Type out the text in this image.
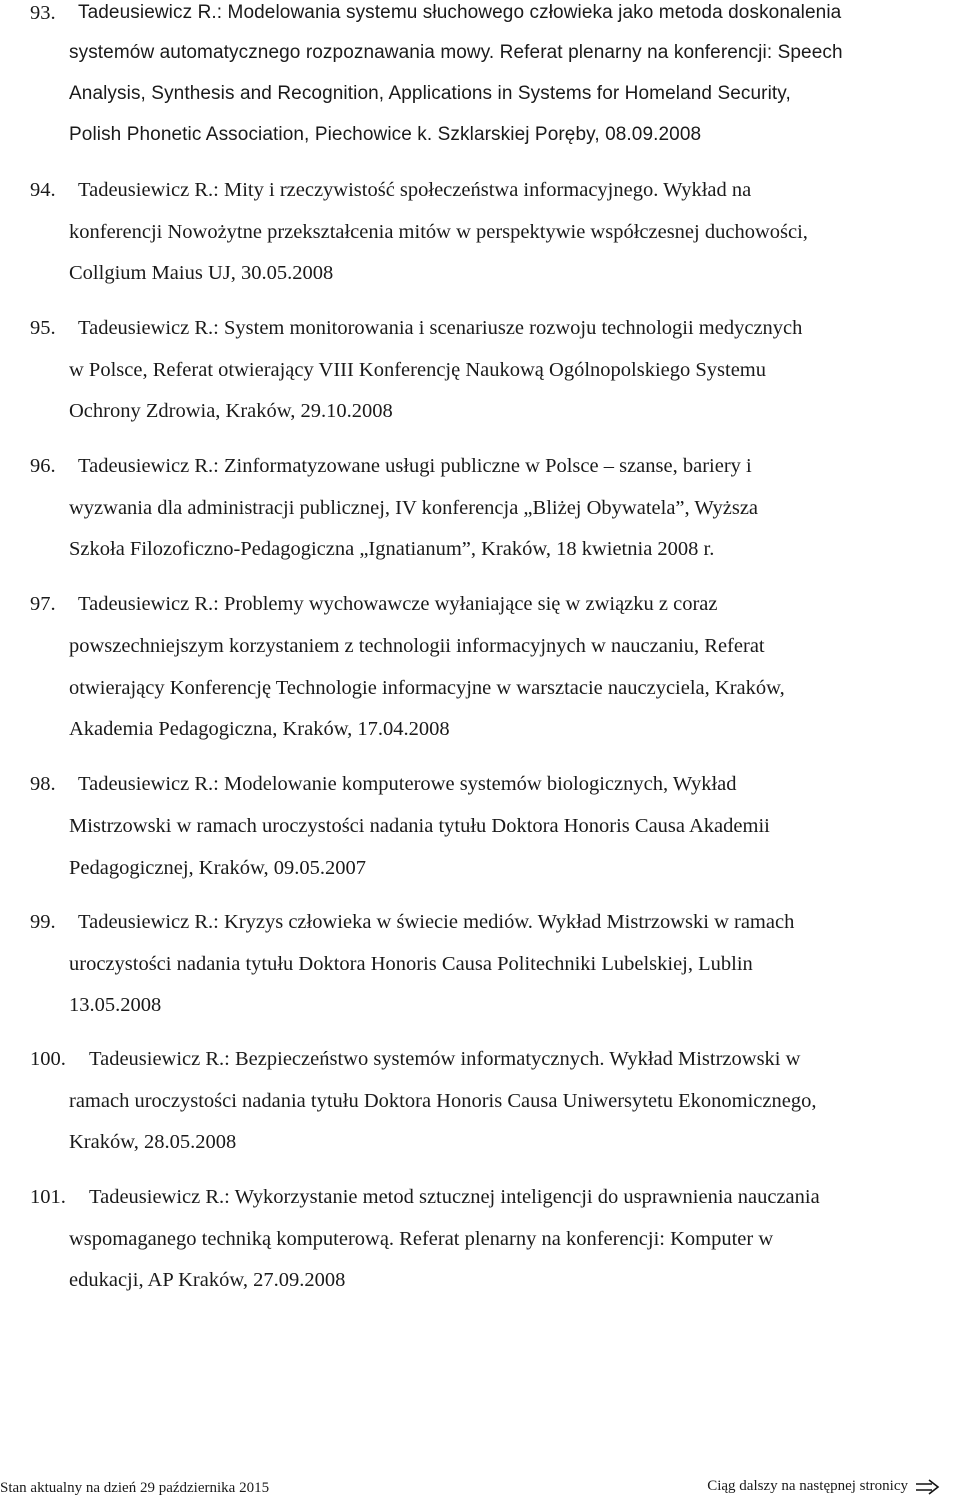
93. Tadeusiewicz R.: Modelowania systemu słuchowego człowieka jako metoda doskonalenia
systemów automatycznego rozpoznawania mowy. Referat plenarny na konferencji: Speech
Analysis, Synthesis and Recognition, Applications in Systems for Homeland Security,
Polish Phonetic Association, Piechowice k. Szklarskiej Poręby, 08.09.2008
94. Tadeusiewicz R.: Mity i rzeczywistość społeczeństwa informacyjnego. Wykład na
konferencji Nowożytne przekształcenia mitów w perspektywie współczesnej duchowości,
Collgium Maius UJ, 30.05.2008
95. Tadeusiewicz R.: System monitorowania i scenariusze rozwoju technologii medycznych
w Polsce, Referat otwierający VIII Konferencję Naukową Ogólnopolskiego Systemu
Ochrony Zdrowia, Kraków, 29.10.2008
96. Tadeusiewicz R.: Zinformatyzowane usługi publiczne w Polsce – szanse, bariery i
wyzwania dla administracji publicznej, IV konferencja „Bliżej Obywatela”, Wyższa
Szkoła Filozoficzno-Pedagogiczna „Ignatianum”, Kraków, 18 kwietnia 2008 r.
97. Tadeusiewicz R.: Problemy wychowawcze wyłaniające się w związku z coraz
powszechniejszym korzystaniem z technologii informacyjnych w nauczaniu, Referat
otwierający Konferencję Technologie informacyjne w warsztacie nauczyciela, Kraków,
Akademia Pedagogiczna, Kraków, 17.04.2008
98. Tadeusiewicz R.: Modelowanie komputerowe systemów biologicznych, Wykład
Mistrzowski w ramach uroczystości nadania tytułu Doktora Honoris Causa Akademii
Pedagogicznej, Kraków, 09.05.2007
99. Tadeusiewicz R.: Kryzys człowieka w świecie mediów. Wykład Mistrzowski w ramach
uroczystości nadania tytułu Doktora Honoris Causa Politechniki Lubelskiej, Lublin
13.05.2008
100. Tadeusiewicz R.: Bezpieczeństwo systemów informatycznych. Wykład Mistrzowski w
ramach uroczystości nadania tytułu Doktora Honoris Causa Uniwersytetu Ekonomicznego,
Kraków, 28.05.2008
101. Tadeusiewicz R.: Wykorzystanie metod sztucznej inteligencji do usprawnienia nauczania
wspomaganego techniką komputerową. Referat plenarny na konferencji: Komputer w
edukacji, AP Kraków, 27.09.2008
Stan aktualny na dzień 29 października 2015	Ciąg dalszy na następnej stronicy
